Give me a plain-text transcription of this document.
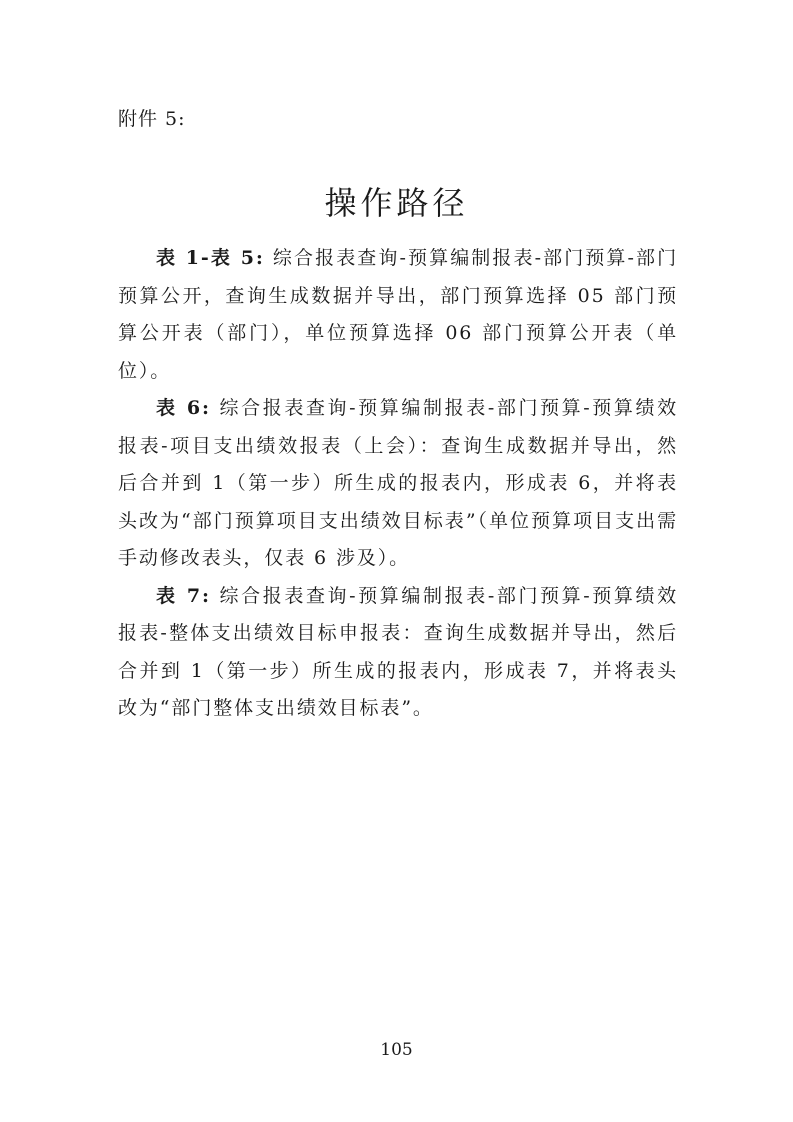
附件 5:
操作路径

表 1-表 5: 综合报表查询-预算编制报表-部门预算-部门预算公开，查询生成数据并导出，部门预算选择 05 部门预算公开表（部门），单位预算选择 06 部门预算公开表（单位）。

表 6: 综合报表查询-预算编制报表-部门预算-预算绩效报表-项目支出绩效报表（上会）：查询生成数据并导出，然后合并到 1（第一步）所生成的报表内，形成表 6，并将表头改为“部门预算项目支出绩效目标表”（单位预算项目支出需手动修改表头，仅表 6 涉及）。

表 7: 综合报表查询-预算编制报表-部门预算-预算绩效报表-整体支出绩效目标申报表：查询生成数据并导出，然后合并到 1（第一步）所生成的报表内，形成表 7，并将表头改为“部门整体支出绩效目标表”。

105
